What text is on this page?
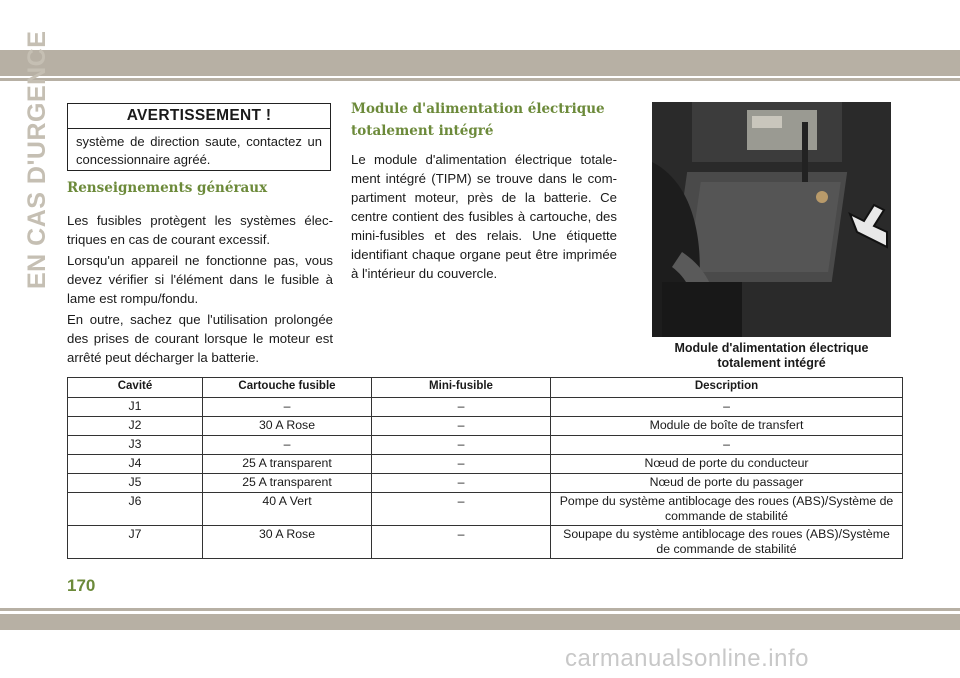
EN CAS D'URGENCE	AVERTISSEMENT !
système de direction saute, contactez un concessionnaire agréé.
Renseignements généraux

Les fusibles protègent les systèmes élec-triques en cas de courant excessif.

Lorsqu'un appareil ne fonctionne pas, vous devez vérifier si l'élément dans le fusible à lame est rompu/fondu.

En outre, sachez que l'utilisation prolongée des prises de courant lorsque le moteur est arrêté peut décharger la batterie.

Module d'alimentation électrique totalement intégré

Le module d'alimentation électrique totale-ment intégré (TIPM) se trouve dans le com-partiment moteur, près de la batterie. Ce centre contient des fusibles à cartouche, des mini-fusibles et des relais. Une étiquette identifiant chaque organe peut être imprimée à l'intérieur du couvercle.

Module d'alimentation électrique
totalement intégré
Cavité	Cartouche fusible	Mini-fusible	Description
J1	–	–	–
J2	30 A Rose	–	Module de boîte de transfert
J3	–	–	–
J4	25 A transparent	–	Nœud de porte du conducteur
J5	25 A transparent	–	Nœud de porte du passager
J6	40 A Vert	–	Pompe du système antiblocage des roues (ABS)/Système de commande de stabilité
J7	30 A Rose	–	Soupape du système antiblocage des roues (ABS)/Système de commande de stabilité
170
carmanualsonline.info
